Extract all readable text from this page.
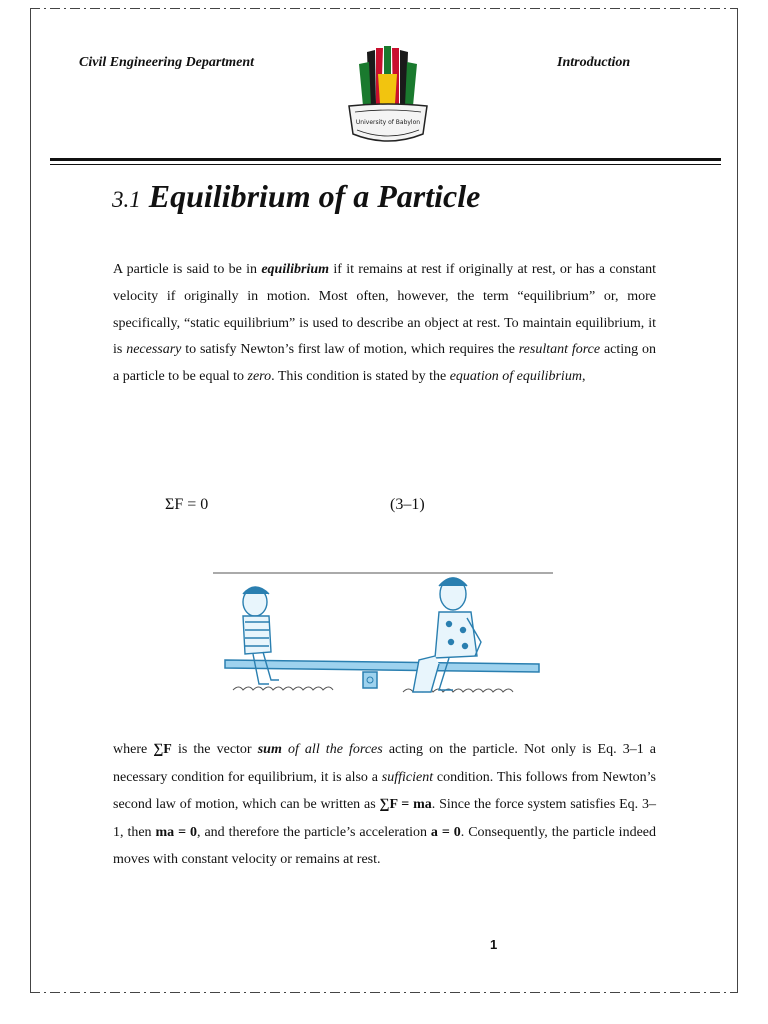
Civil Engineering Department	Introduction
University of Babylon
3.1 Equilibrium of a Particle
A particle is said to be in equilibrium if it remains at rest if originally at rest, or has a constant velocity if originally in motion. Most often, however, the term “equilibrium” or, more specifically, “static equilibrium” is used to describe an object at rest. To maintain equilibrium, it is necessary to satisfy Newton’s first law of motion, which requires the resultant force acting on a particle to be equal to zero. This condition is stated by the equation of equilibrium,
ΣF = 0	(3–1)
where ∑F is the vector sum of all the forces acting on the particle. Not only is Eq. 3–1 a necessary condition for equilibrium, it is also a sufficient condition. This follows from Newton’s second law of motion, which can be written as ∑F = ma. Since the force system satisfies Eq. 3–1, then ma = 0, and therefore the particle’s acceleration a = 0. Consequently, the particle indeed moves with constant velocity or remains at rest.
1
